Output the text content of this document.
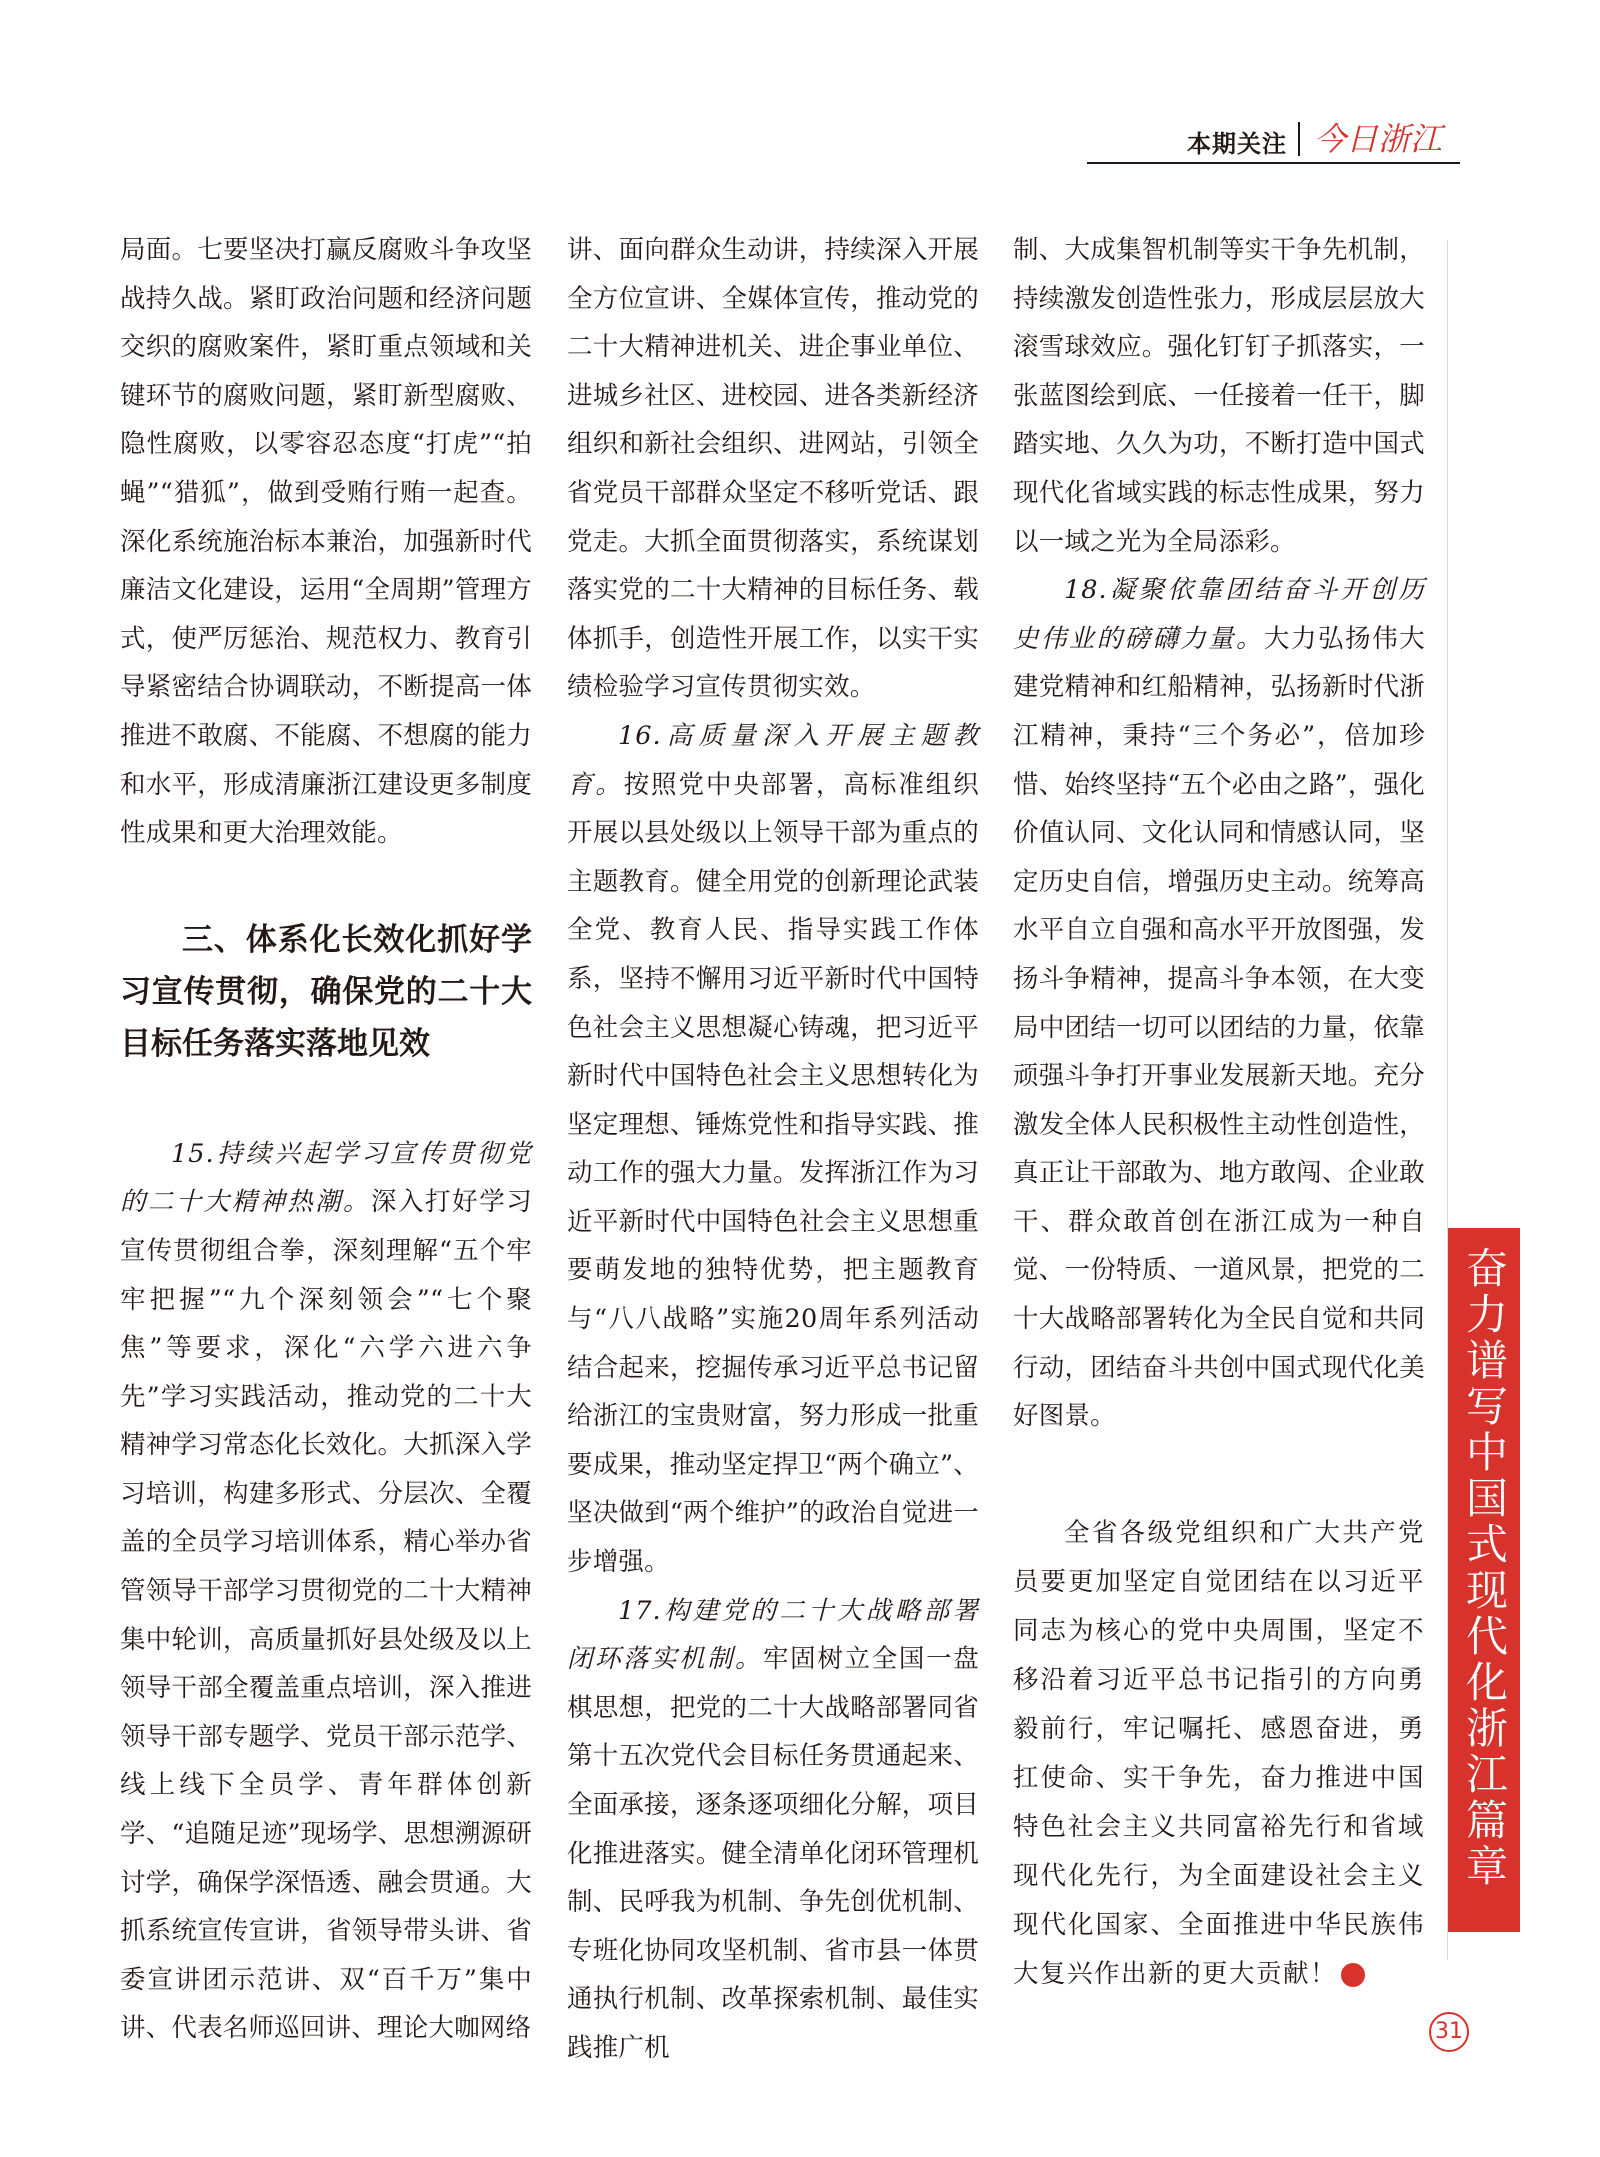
本期关注 今日浙江

局面。七要坚决打赢反腐败斗争攻坚战持久战。紧盯政治问题和经济问题交织的腐败案件，紧盯重点领域和关键环节的腐败问题，紧盯新型腐败、隐性腐败，以零容忍态度“打虎”“拍蝇”“猎狐”，做到受贿行贿一起查。深化系统施治标本兼治，加强新时代廉洁文化建设，运用“全周期”管理方式，使严厉惩治、规范权力、教育引导紧密结合协调联动，不断提高一体推进不敢腐、不能腐、不想腐的能力和水平，形成清廉浙江建设更多制度性成果和更大治理效能。

三、体系化长效化抓好学习宣传贯彻，确保党的二十大目标任务落实落地见效

15.持续兴起学习宣传贯彻党的二十大精神热潮。深入打好学习宣传贯彻组合拳，深刻理解“五个牢牢把握”“九个深刻领会”“七个聚焦”等要求，深化“六学六进六争先”学习实践活动，推动党的二十大精神学习常态化长效化。大抓深入学习培训，构建多形式、分层次、全覆盖的全员学习培训体系，精心举办省管领导干部学习贯彻党的二十大精神集中轮训，高质量抓好县处级及以上领导干部全覆盖重点培训，深入推进领导干部专题学、党员干部示范学、线上线下全员学、青年群体创新学、“追随足迹”现场学、思想溯源研讨学，确保学深悟透、融会贯通。大抓系统宣传宣讲，省领导带头讲、省委宣讲团示范讲、双“百千万”集中讲、代表名师巡回讲、理论大咖网络

讲、面向群众生动讲，持续深入开展全方位宣讲、全媒体宣传，推动党的二十大精神进机关、进企事业单位、进城乡社区、进校园、进各类新经济组织和新社会组织、进网站，引领全省党员干部群众坚定不移听党话、跟党走。大抓全面贯彻落实，系统谋划落实党的二十大精神的目标任务、载体抓手，创造性开展工作，以实干实绩检验学习宣传贯彻实效。

16.高质量深入开展主题教育。按照党中央部署，高标准组织开展以县处级以上领导干部为重点的主题教育。健全用党的创新理论武装全党、教育人民、指导实践工作体系，坚持不懈用习近平新时代中国特色社会主义思想凝心铸魂，把习近平新时代中国特色社会主义思想转化为坚定理想、锤炼党性和指导实践、推动工作的强大力量。发挥浙江作为习近平新时代中国特色社会主义思想重要萌发地的独特优势，把主题教育与“八八战略”实施20周年系列活动结合起来，挖掘传承习近平总书记留给浙江的宝贵财富，努力形成一批重要成果，推动坚定捍卫“两个确立”、坚决做到“两个维护”的政治自觉进一步增强。

17.构建党的二十大战略部署闭环落实机制。牢固树立全国一盘棋思想，把党的二十大战略部署同省第十五次党代会目标任务贯通起来、全面承接，逐条逐项细化分解，项目化推进落实。健全清单化闭环管理机制、民呼我为机制、争先创优机制、专班化协同攻坚机制、省市县一体贯通执行机制、改革探索机制、最佳实践推广机

制、大成集智机制等实干争先机制，持续激发创造性张力，形成层层放大滚雪球效应。强化钉钉子抓落实，一张蓝图绘到底、一任接着一任干，脚踏实地、久久为功，不断打造中国式现代化省域实践的标志性成果，努力以一域之光为全局添彩。

18.凝聚依靠团结奋斗开创历史伟业的磅礴力量。大力弘扬伟大建党精神和红船精神，弘扬新时代浙江精神，秉持“三个务必”，倍加珍惜、始终坚持“五个必由之路”，强化价值认同、文化认同和情感认同，坚定历史自信，增强历史主动。统筹高水平自立自强和高水平开放图强，发扬斗争精神，提高斗争本领，在大变局中团结一切可以团结的力量，依靠顽强斗争打开事业发展新天地。充分激发全体人民积极性主动性创造性，真正让干部敢为、地方敢闯、企业敢干、群众敢首创在浙江成为一种自觉、一份特质、一道风景，把党的二十大战略部署转化为全民自觉和共同行动，团结奋斗共创中国式现代化美好图景。

全省各级党组织和广大共产党员要更加坚定自觉团结在以习近平同志为核心的党中央周围，坚定不移沿着习近平总书记指引的方向勇毅前行，牢记嘱托、感恩奋进，勇扛使命、实干争先，奋力推进中国特色社会主义共同富裕先行和省域现代化先行，为全面建设社会主义现代化国家、全面推进中华民族伟大复兴作出新的更大贡献！	今

奋力谱写中国式现代化浙江篇章
31
